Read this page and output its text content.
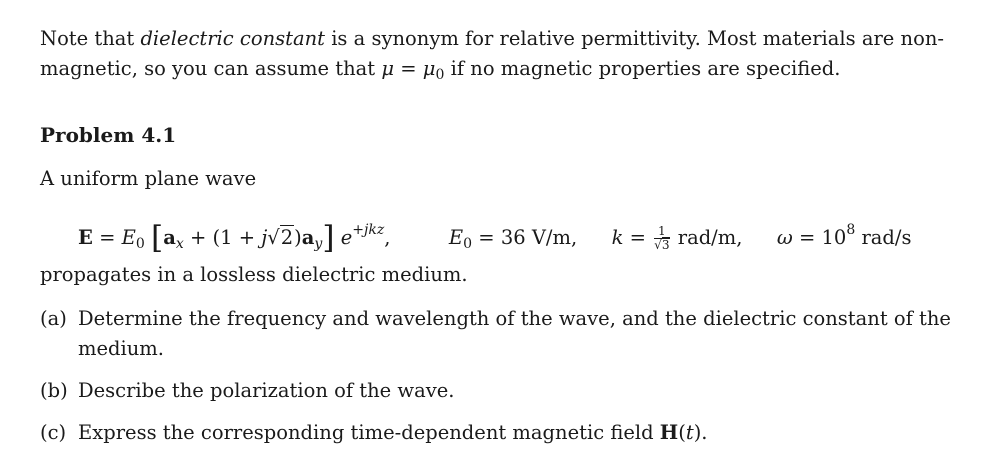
Note that dielectric constant is a synonym for relative permittivity. Most materials are non-

magnetic, so you can assume that $\mu = \mu_0$ if no magnetic properties are specified.

Problem 4.1

A uniform plane wave

$E = E_0$ $[a_x + (1 + j√2)a_y]$ $e^{+jkz}$,	$E_0 = 36$ V/m, $k = \frac{1}{√3} rad/m$, $\omega = 10^8$ rad/s

propagates in a lossless dielectric medium.

(a) Determine the frequency and wavelength of the wave, and the dielectric constant of the medium.
(b) Describe the polarization of the wave.
(c) Express the corresponding time-dependent magnetic field H(t).
